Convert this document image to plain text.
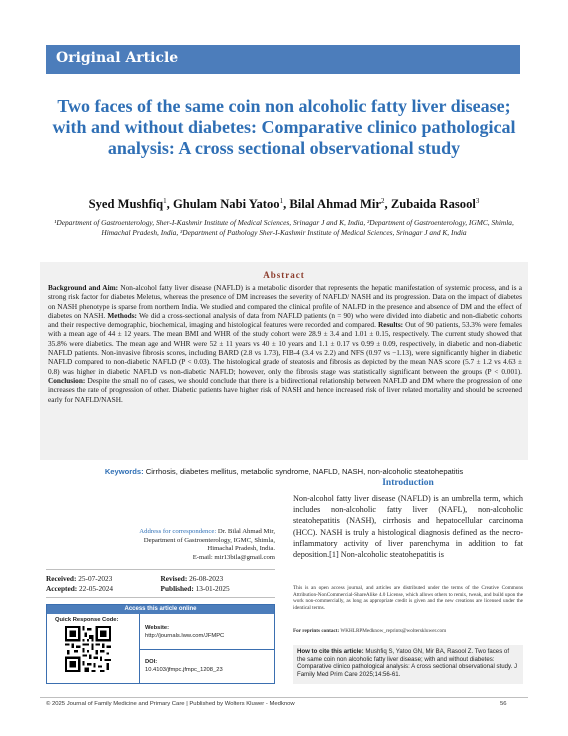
Original Article
Two faces of the same coin non alcoholic fatty liver disease; with and without diabetes: Comparative clinico pathological analysis: A cross sectional observational study
Syed Mushfiq$^1$, Ghulam Nabi Yatoo$^1$, Bilal Ahmad Mir$^2$, Zubaida Rasool$^3$

¹Department of Gastroenterology, Sher-I-Kashmir Institute of Medical Sciences, Srinagar J and K, India, ²Department of Gastroenterology, IGMC, Shimla, Himachal Pradesh, India, ³Department of Pathology Sher-I-Kashmir Institute of Medical Sciences, Srinagar J and K, India

Abstract

Background and Aim: Non-alcohol fatty liver disease (NAFLD) is a metabolic disorder that represents the hepatic manifestation of systemic process, and is a strong risk factor for diabetes Meletus, whereas the presence of DM increases the severity of NAFLD/ NASH and its progression. Data on the impact of diabetes on NASH phenotype is sparse from northern India. We studied and compared the clinical profile of NALFD in the presence and absence of DM and the effect of diabetes on NASH. Methods: We did a cross-sectional analysis of data from NAFLD patients (n = 90) who were divided into diabetic and non-diabetic cohorts and their respective demographic, biochemical, imaging and histological features were recorded and compared. Results: Out of 90 patients, 53.3% were females with a mean age of 44 ± 12 years. The mean BMI and WHR of the study cohort were 28.9 ± 3.4 and 1.01 ± 0.15, respectively. The current study showed that 35.8% were diabetics. The mean age and WHR were 52 ± 11 years vs 40 ± 10 years and 1.1 ± 0.17 vs 0.99 ± 0.09, respectively, in diabetic and non-diabetic NAFLD patients. Non-invasive fibrosis scores, including BARD (2.8 vs 1.73), FIB-4 (3.4 vs 2.2) and NFS (0.97 vs −1.13), were significantly higher in diabetic NAFLD compared to non-diabetic NAFLD (P < 0.03). The histological grade of steatosis and fibrosis as depicted by the mean NAS score (5.7 ± 1.2 vs 4.63 ± 0.8) was higher in diabetic NAFLD vs non-diabetic NAFLD; however, only the fibrosis stage was statistically significant between the groups (P < 0.001). Conclusion: Despite the small no of cases, we should conclude that there is a bidirectional relationship between NAFLD and DM where the progression of one increases the rate of progression of other. Diabetic patients have higher risk of NASH and hence increased risk of liver related mortality and should be screened early for NAFLD/NASH.

Keywords: Cirrhosis, diabetes mellitus, metabolic syndrome, NAFLD, NASH, non-alcoholic steatohepatitis

Introduction

Non-alcohol fatty liver disease (NAFLD) is an umbrella term, which includes non-alcoholic fatty liver (NAFL), non-alcoholic steatohepatitis (NASH), cirrhosis and hepatocellular carcinoma (HCC). NASH is truly a histological diagnosis defined as the necro-inflammatory activity of liver parenchyma in addition to fat deposition.[1] Non-alcoholic steatohepatitis is

Address for correspondence: Dr. Bilal Ahmad Mir,
Department of Gastroenterology, IGMC, Shimla,
Himachal Pradesh, India.
E-mail: mir13bila@gmail.com
Received: 25-07-2023	Revised: 26-08-2023
Accepted: 22-05-2024	Published: 13-01-2025
Access this article online
Quick Response Code:
Website:
http://journals.lww.com/JFMPC
DOI:
10.4103/jfmpc.jfmpc_1208_23

This is an open access journal, and articles are distributed under the terms of the Creative Commons Attribution-NonCommercial-ShareAlike 4.0 License, which allows others to remix, tweak, and build upon the work non-commercially, as long as appropriate credit is given and the new creations are licensed under the identical terms.

For reprints contact: WKHLRPMedknow_reprints@wolterskluwer.com

How to cite this article: Mushfiq S, Yatoo GN, Mir BA, Rasool Z. Two faces of the same coin non alcoholic fatty liver disease; with and without diabetes: Comparative clinico pathological analysis: A cross sectional observational study. J Family Med Prim Care 2025;14:56-61.
© 2025 Journal of Family Medicine and Primary Care | Published by Wolters Kluwer - Medknow	56
